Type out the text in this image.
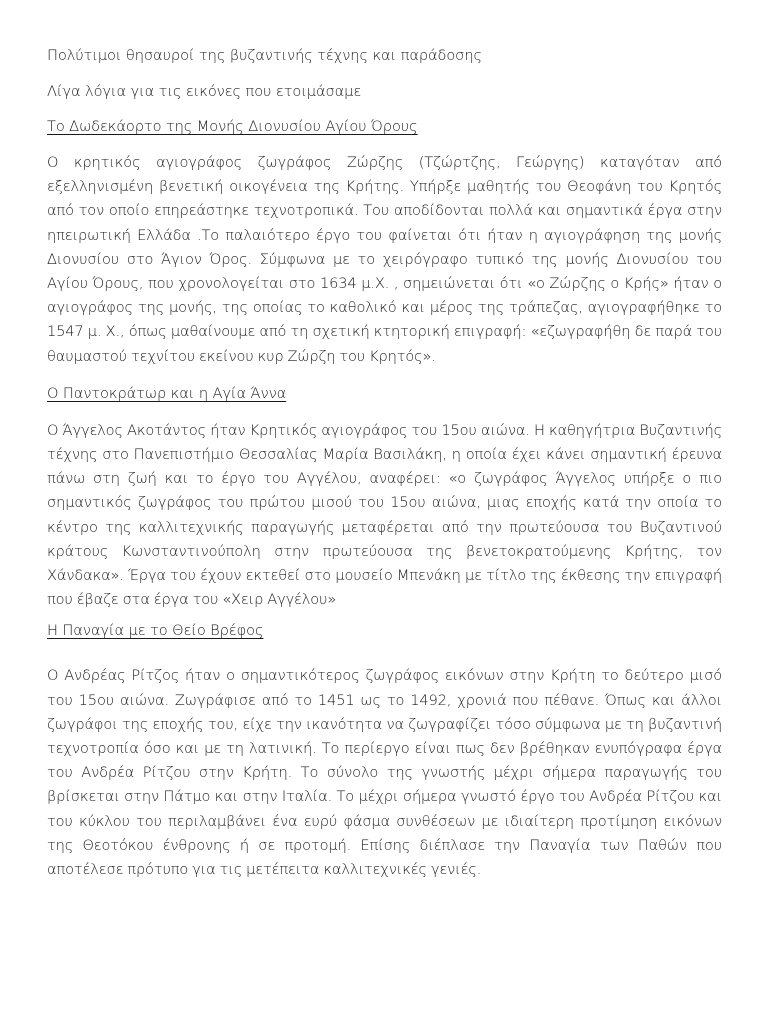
Πολύτιμοι θησαυροί της βυζαντινής τέχνης και παράδοσης

Λίγα λόγια για τις εικόνες που ετοιμάσαμε

Το Δωδεκάορτο της Μονής Διονυσίου Αγίου Όρους

Ο κρητικός αγιογράφος ζωγράφος Ζώρζης (Τζώρτζης, Γεώργης) καταγόταν από εξελληνισμένη βενετική οικογένεια της Κρήτης. Υπήρξε μαθητής του Θεοφάνη του Κρητός από τον οποίο επηρεάστηκε τεχνοτροπικά. Του αποδίδονται πολλά και σημαντικά έργα στην ηπειρωτική Ελλάδα .Το παλαιότερο έργο του φαίνεται ότι ήταν η αγιογράφηση της μονής Διονυσίου στο Άγιον Όρος. Σύμφωνα με το χειρόγραφο τυπικό της μονής Διονυσίου του Αγίου Όρους, που χρονολογείται στο 1634 μ.Χ. , σημειώνεται ότι «ο Ζώρζης ο Κρής» ήταν ο αγιογράφος της μονής, της οποίας το καθολικό και μέρος της τράπεζας, αγιογραφήθηκε το 1547 μ. Χ., όπως μαθαίνουμε από τη σχετική κτητορική επιγραφή: «εζωγραφήθη δε παρά του θαυμαστού τεχνίτου εκείνου κυρ Ζώρζη του Κρητός».

Ο Παντοκράτωρ και η Αγία Άννα

Ο Άγγελος Ακοτάντος ήταν Κρητικός αγιογράφος του 15ου αιώνα. Η καθηγήτρια Βυζαντινής τέχνης στο Πανεπιστήμιο Θεσσαλίας Μαρία Βασιλάκη, η οποία έχει κάνει σημαντική έρευνα πάνω στη ζωή και το έργο του Αγγέλου, αναφέρει: «ο ζωγράφος Άγγελος υπήρξε ο πιο σημαντικός ζωγράφος του πρώτου μισού του 15ου αιώνα, μιας εποχής κατά την οποία το κέντρο της καλλιτεχνικής παραγωγής μεταφέρεται από την πρωτεύουσα του Βυζαντινού κράτους Κωνσταντινούπολη στην πρωτεύουσα της βενετοκρατούμενης Κρήτης, τον Χάνδακα». Έργα του έχουν εκτεθεί στο μουσείο Μπενάκη με τίτλο της έκθεσης την επιγραφή που έβαζε στα έργα του «Χειρ Αγγέλου»

Η Παναγία με το Θείο Βρέφος

Ο Ανδρέας Ρίτζος ήταν ο σημαντικότερος ζωγράφος εικόνων στην Κρήτη το δεύτερο μισό του 15ου αιώνα. Ζωγράφισε από το 1451 ως το 1492, χρονιά που πέθανε. Όπως και άλλοι ζωγράφοι της εποχής του, είχε την ικανότητα να ζωγραφίζει τόσο σύμφωνα με τη βυζαντινή τεχνοτροπία όσο και με τη λατινική. Το περίεργο είναι πως δεν βρέθηκαν ενυπόγραφα έργα του Ανδρέα Ρίτζου στην Κρήτη. Το σύνολο της γνωστής μέχρι σήμερα παραγωγής του βρίσκεται στην Πάτμο και στην Ιταλία. Το μέχρι σήμερα γνωστό έργο του Ανδρέα Ρίτζου και του κύκλου του περιλαμβάνει ένα ευρύ φάσμα συνθέσεων με ιδιαίτερη προτίμηση εικόνων της Θεοτόκου ένθρονης ή σε προτομή. Επίσης διέπλασε την Παναγία των Παθών που αποτέλεσε πρότυπο για τις μετέπειτα καλλιτεχνικές γενιές.
